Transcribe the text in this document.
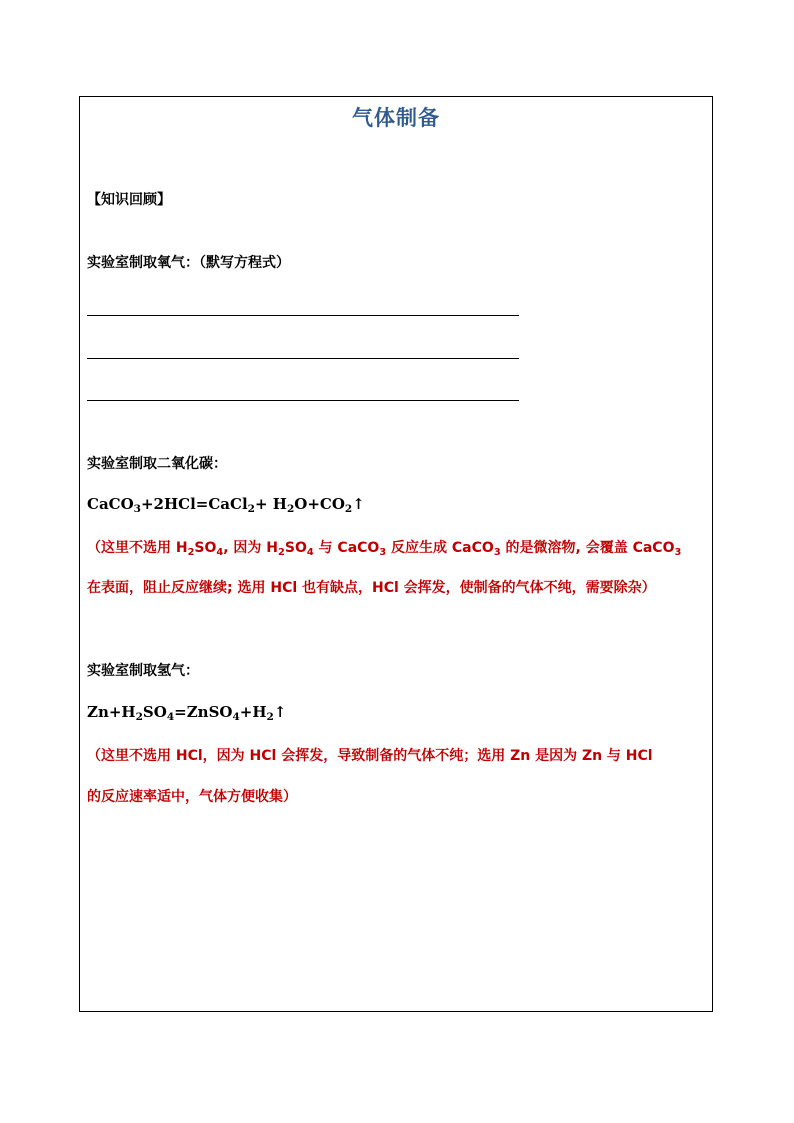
气体制备
【知识回顾】
实验室制取氧气：（默写方程式）
实验室制取二氧化碳：
CaCO$_3$+2HCl=CaCl$_2$+ $H_2O+CO_2↑$
（这里不选用 $H_2SO_4$, 因为 $H_2SO_4$ 与 CaCO$_3$ 反应生成 CaCO$_3$ 的是微溶物, 会覆盖 CaCO$_3$
在表面，阻止反应继续; 选用 HCl 也有缺点，HCl 会挥发，使制备的气体不纯，需要除杂）
实验室制取氢气：
$Zn+H_2SO_4=ZnSO_4+H_2↑$
（这里不选用 HCl，因为 HCl 会挥发，导致制备的气体不纯；选用 Zn 是因为 Zn 与 HCl
的反应速率适中，气体方便收集）
